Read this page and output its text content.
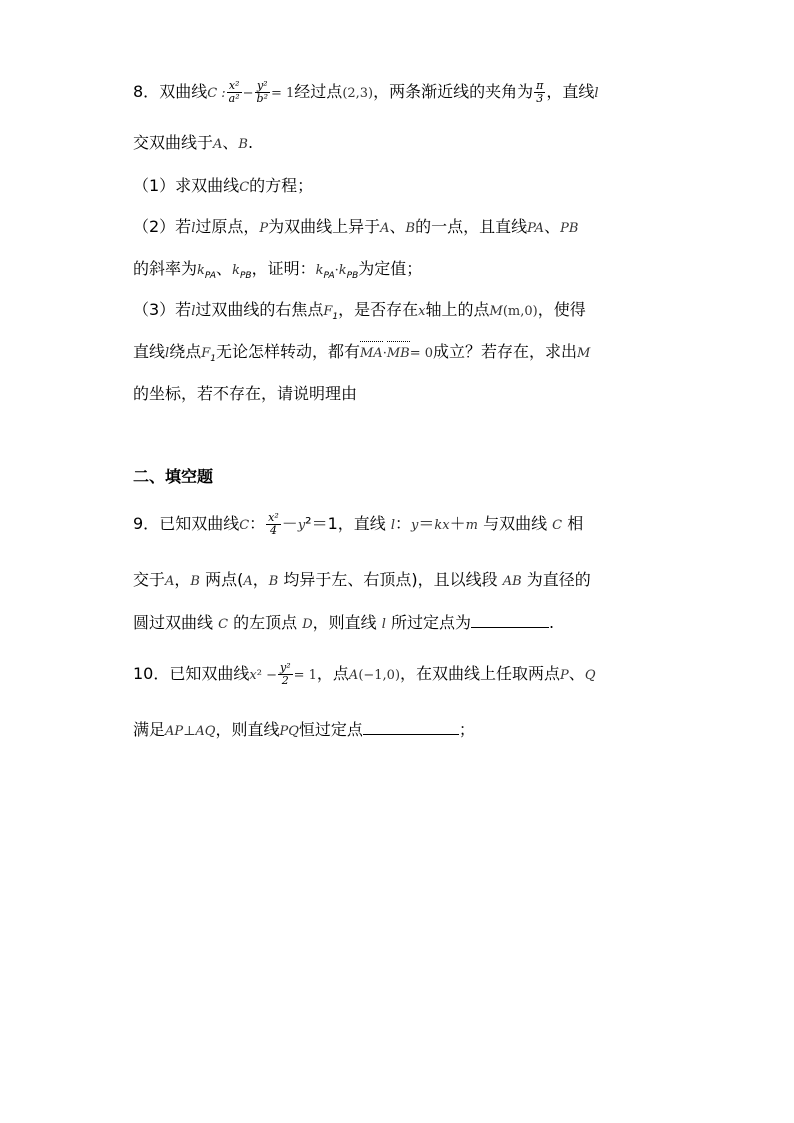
8．双曲线C : $\frac{\text{x²}}{\text{a²}} - \frac{\text{y²}}{\text{b²}} = 1$经过点(2,3)，两条渐近线的夹角为 $\frac{\pi}{3}$ ，直线l
交双曲线于A、B.
（1）求双曲线C的方程；
（2）若l过原点，P为双曲线上异于A、B的一点，且直线PA、PB
的斜率为$k_{PA}$、$k_{PB}$，证明：$k_{PA}\cdot k_{PB}$为定值；
（3）若l过双曲线的右焦点$F_1$，是否存在x轴上的点M(m,0)，使得
直线l绕点$F_1$无论怎样转动，都有MA·MB= 0成立？若存在，求出M
的坐标，若不存在，请说明理由
二、填空题
9．已知双曲线C： $\frac{\text{x²}}{4} -y^2=1$，直线 l：y＝kx＋m 与双曲线 C 相
交于A，B 两点(A，B 均异于左、右顶点)，且以线段 AB 为直径的
圆过双曲线 C 的左顶点 D，则直线 l 所过定点为	.
10．已知双曲线$x^2 - \frac{\text{y²}}{2} = 1$，点A(−1,0)，在双曲线上任取两点P、Q
满足AP⊥AQ，则直线PQ恒过定点	；
